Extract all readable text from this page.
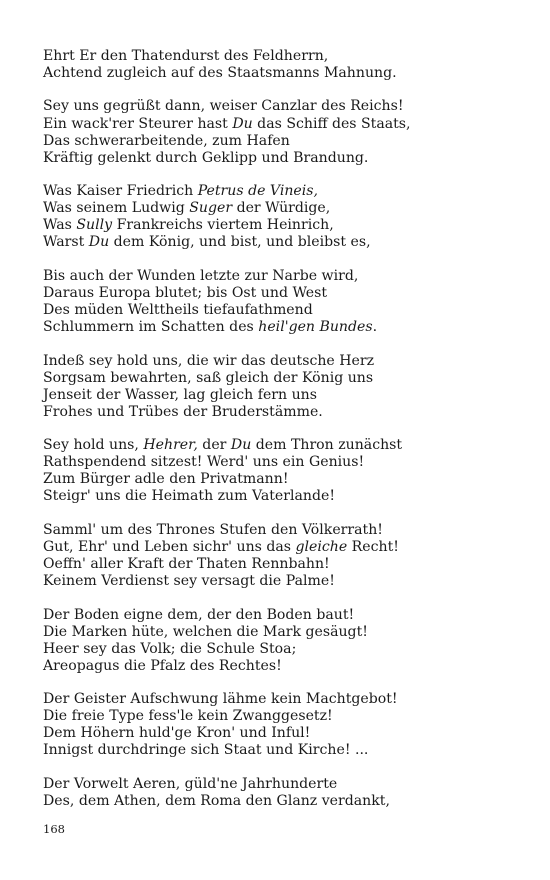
Ehrt Er den Thatendurst des Feldherrn,
Achtend zugleich auf des Staatsmanns Mahnung.
Sey uns gegrüßt dann, weiser Canzlar des Reichs!
Ein wack'rer Steurer hast Du das Schiff des Staats,
Das schwerarbeitende, zum Hafen
Kräftig gelenkt durch Geklipp und Brandung.
Was Kaiser Friedrich Petrus de Vineis,
Was seinem Ludwig Suger der Würdige,
Was Sully Frankreichs viertem Heinrich,
Warst Du dem König, und bist, und bleibst es,
Bis auch der Wunden letzte zur Narbe wird,
Daraus Europa blutet; bis Ost und West
Des müden Welttheils tiefaufathmend
Schlummern im Schatten des heil'gen Bundes.
Indeß sey hold uns, die wir das deutsche Herz
Sorgsam bewahrten, saß gleich der König uns
Jenseit der Wasser, lag gleich fern uns
Frohes und Trübes der Bruderstämme.
Sey hold uns, Hehrer, der Du dem Thron zunächst
Rathspendend sitzest! Werd' uns ein Genius!
Zum Bürger adle den Privatmann!
Steigr' uns die Heimath zum Vaterlande!
Samml' um des Thrones Stufen den Völkerrath!
Gut, Ehr' und Leben sichr' uns das gleiche Recht!
Oeffn' aller Kraft der Thaten Rennbahn!
Keinem Verdienst sey versagt die Palme!
Der Boden eigne dem, der den Boden baut!
Die Marken hüte, welchen die Mark gesäugt!
Heer sey das Volk; die Schule Stoa;
Areopagus die Pfalz des Rechtes!
Der Geister Aufschwung lähme kein Machtgebot!
Die freie Type fess'le kein Zwanggesetz!
Dem Höhern huld'ge Kron' und Inful!
Innigst durchdringe sich Staat und Kirche! ...
Der Vorwelt Aeren, güld'ne Jahrhunderte
Des, dem Athen, dem Roma den Glanz verdankt,
168
